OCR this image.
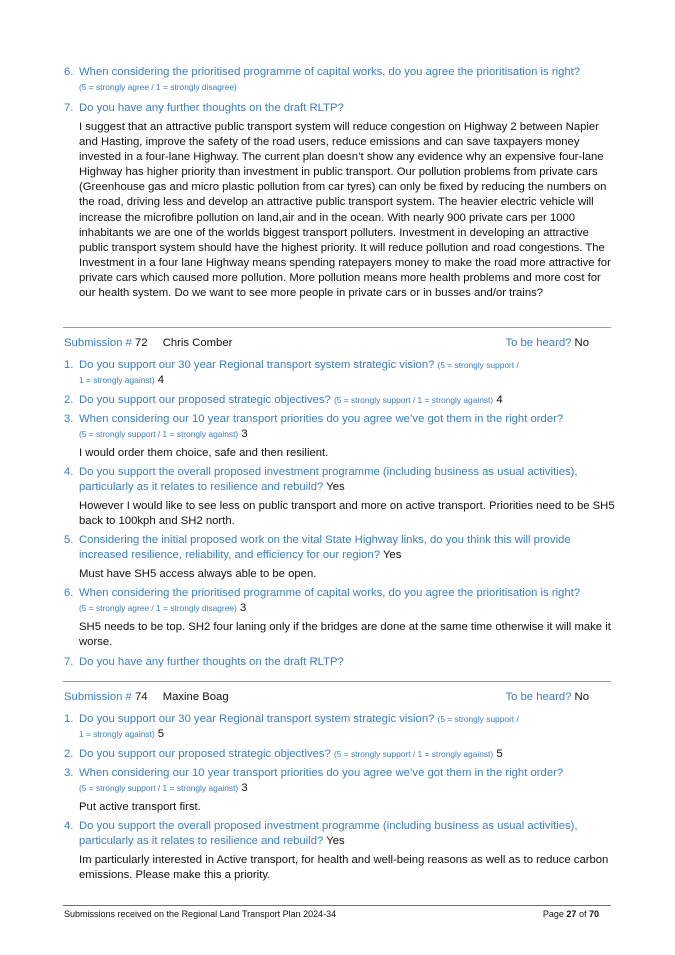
6. When considering the prioritised programme of capital works, do you agree the prioritisation is right?
(5 = strongly agree / 1 = strongly disagree)
7. Do you have any further thoughts on the draft RLTP?
I suggest that an attractive public transport system will reduce congestion on Highway 2 between Napier and Hasting, improve the safety of the road users, reduce emissions and can save taxpayers money invested in a four-lane Highway. The current plan doesn’t show any evidence why an expensive four-lane Highway has higher priority than investment in public transport. Our pollution problems from private cars (Greenhouse gas and micro plastic pollution from car tyres) can only be fixed by reducing the numbers on the road, driving less and develop an attractive public transport system. The heavier electric vehicle will increase the microfibre pollution on land,air and in the ocean. With nearly 900 private cars per 1000 inhabitants we are one of the worlds biggest transport polluters. Investment in developing an attractive public transport system should have the highest priority. It will reduce pollution and road congestions. The Investment in a four lane Highway means spending ratepayers money to make the road more attractive for private cars which caused more pollution. More pollution means more health problems and more cost for our health system. Do we want to see more people in private cars or in busses and/or trains?
Submission # 72 Chris Comber	To be heard? No
1. Do you support our 30 year Regional transport system strategic vision? (5 = strongly support /
1 = strongly against) 4
2. Do you support our proposed strategic objectives? (5 = strongly support / 1 = strongly against) 4
3. When considering our 10 year transport priorities do you agree we’ve got them in the right order?
(5 = strongly support / 1 = strongly against) 3
I would order them choice, safe and then resilient.
4. Do you support the overall proposed investment programme (including business as usual activities), particularly as it relates to resilience and rebuild? Yes
However I would like to see less on public transport and more on active transport. Priorities need to be SH5 back to 100kph and SH2 north.
5. Considering the initial proposed work on the vital State Highway links, do you think this will provide increased resilience, reliability, and efficiency for our region? Yes
Must have SH5 access always able to be open.
6. When considering the prioritised programme of capital works, do you agree the prioritisation is right?
(5 = strongly agree / 1 = strongly disagree) 3
SH5 needs to be top. SH2 four laning only if the bridges are done at the same time otherwise it will make it worse.
7. Do you have any further thoughts on the draft RLTP?
Submission # 74 Maxine Boag	To be heard? No
1. Do you support our 30 year Regional transport system strategic vision? (5 = strongly support /
1 = strongly against) 5
2. Do you support our proposed strategic objectives? (5 = strongly support / 1 = strongly against) 5
3. When considering our 10 year transport priorities do you agree we’ve got them in the right order?
(5 = strongly support / 1 = strongly against) 3
Put active transport first.
4. Do you support the overall proposed investment programme (including business as usual activities), particularly as it relates to resilience and rebuild? Yes
Im particularly interested in Active transport, for health and well-being reasons as well as to reduce carbon emissions. Please make this a priority.
Submissions received on the Regional Land Transport Plan 2024-34	Page 27 of 70
